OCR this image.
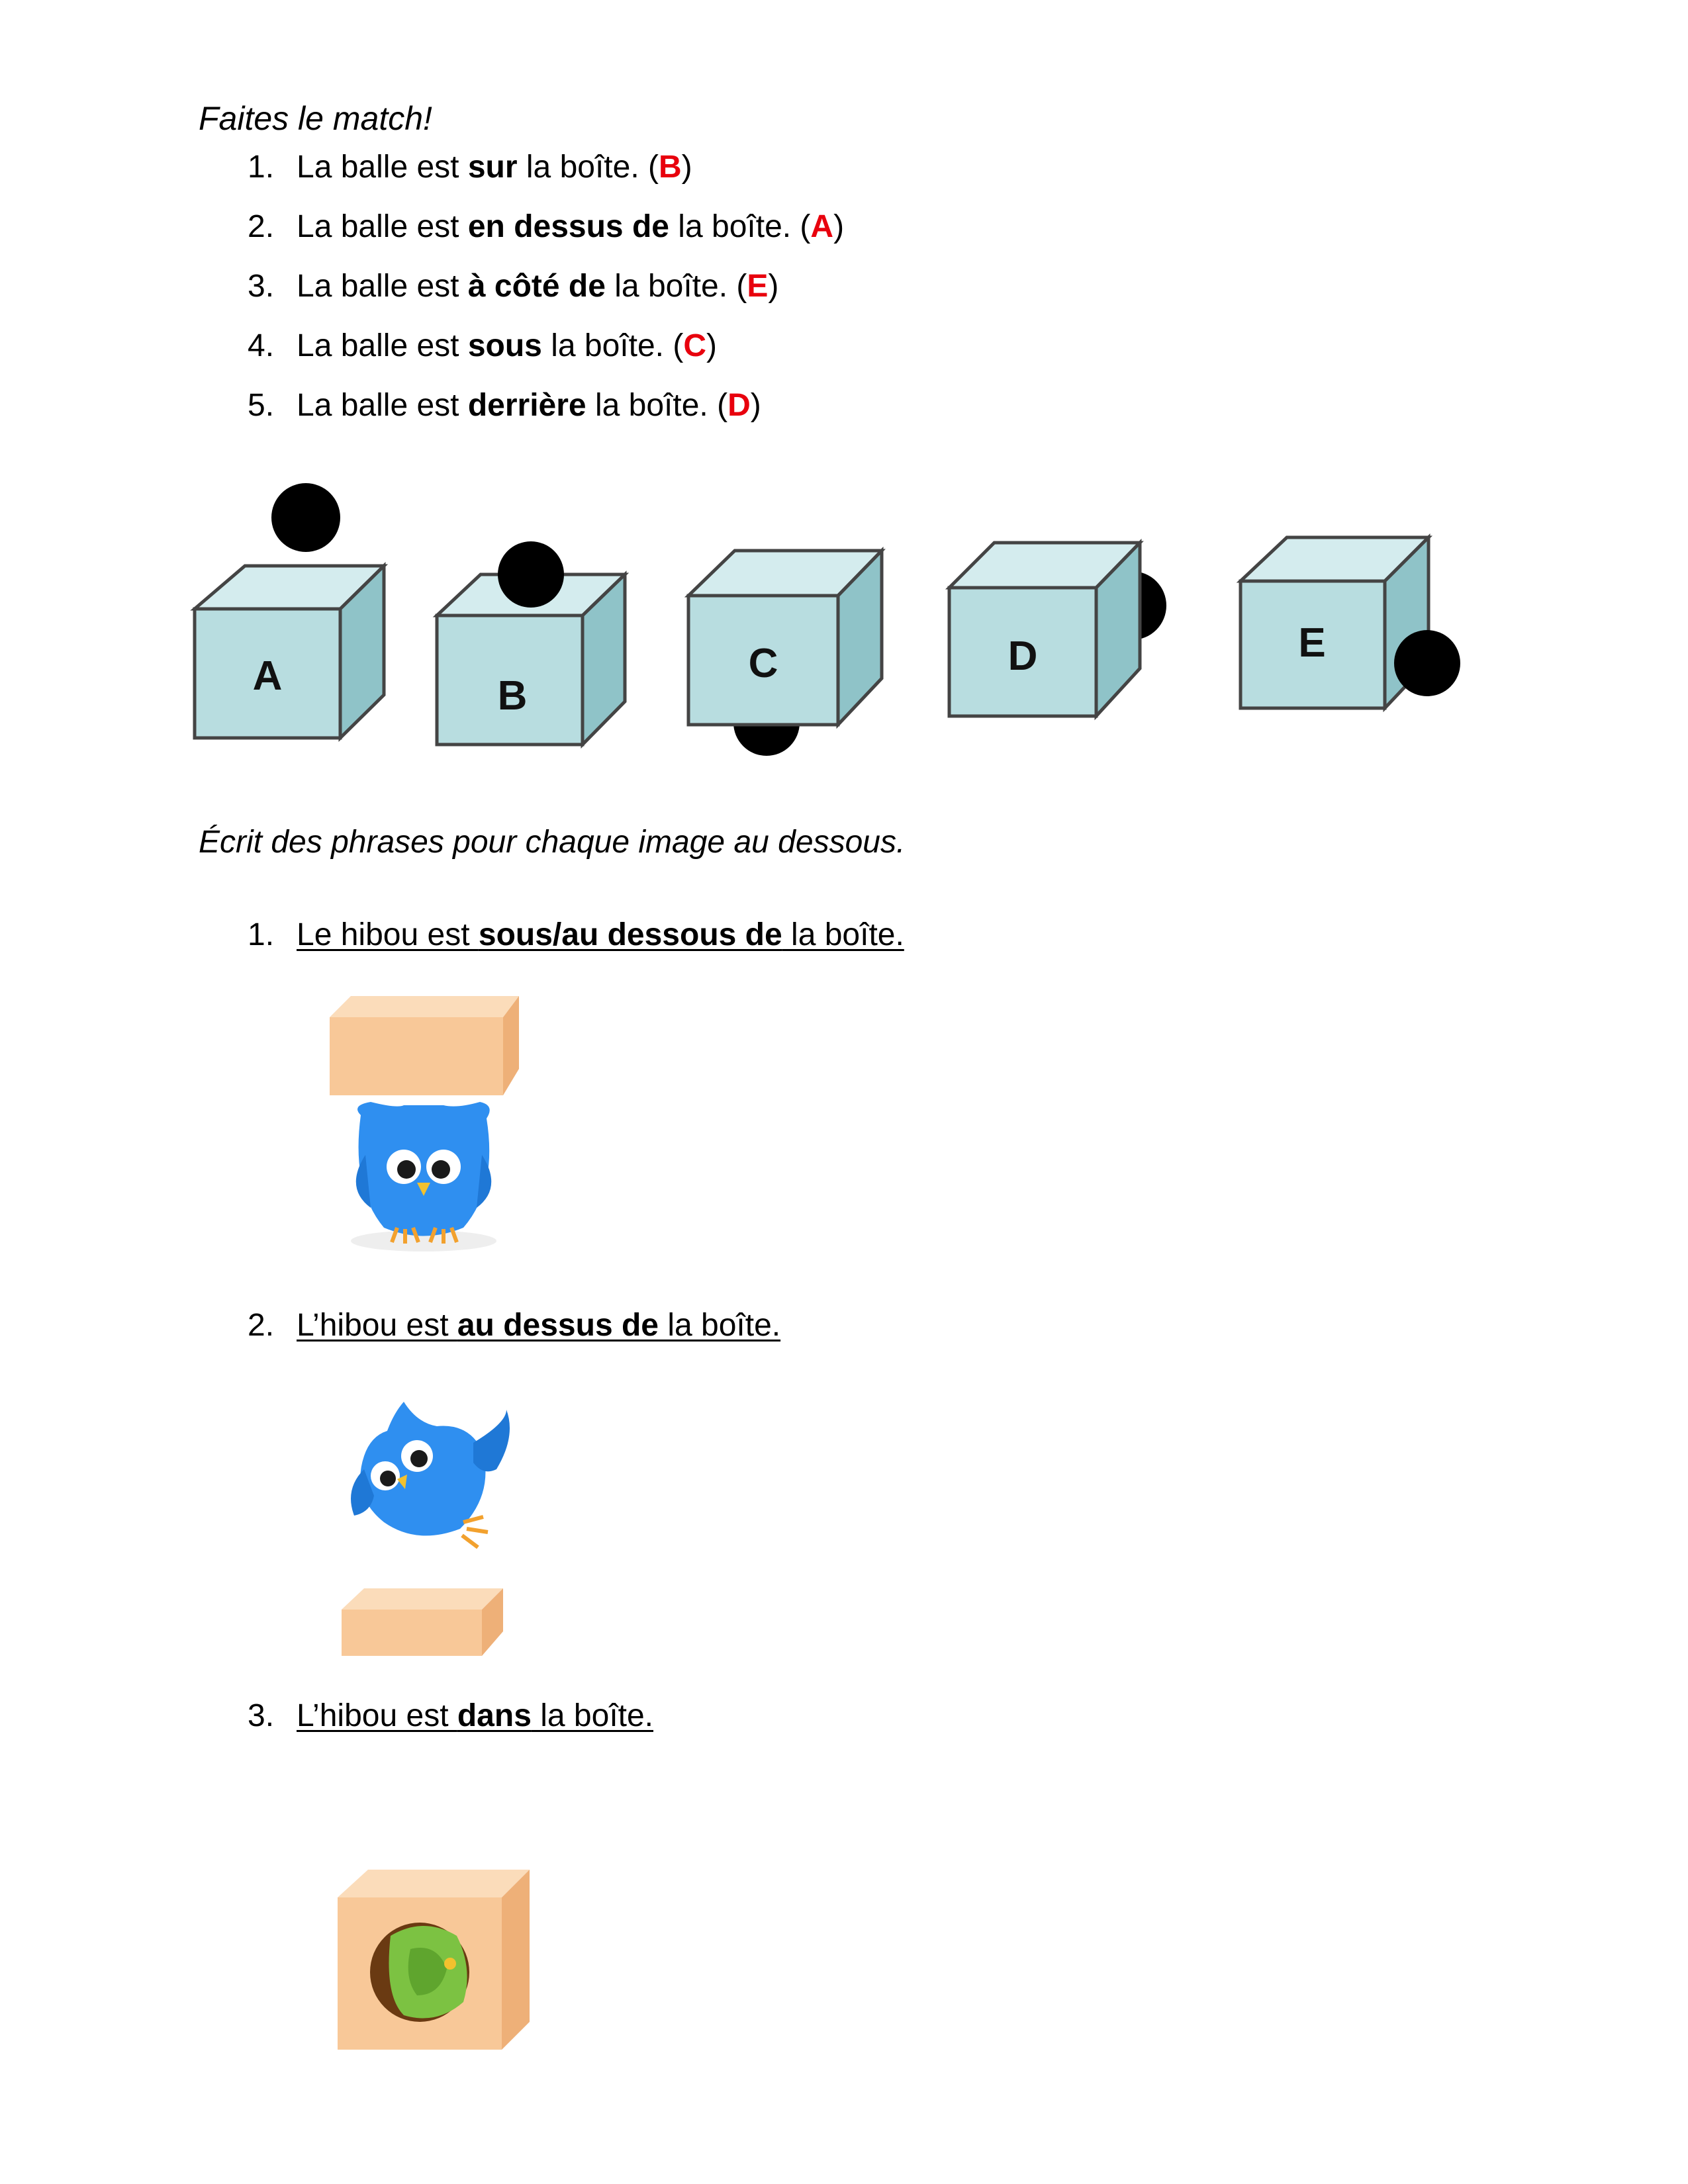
Faites le match!
1. La balle est sur la boîte. (B)
2. La balle est en dessus de la boîte. (A)
3. La balle est à côté de la boîte. (E)
4. La balle est sous la boîte. (C)
5. La balle est derrière la boîte. (D)
A	B
C	D	E
Écrit des phrases pour chaque image au dessous.
1. Le hibou est sous/au dessous de la boîte.
2. L’hibou est au dessus de la boîte.
3. L’hibou est dans la boîte.
